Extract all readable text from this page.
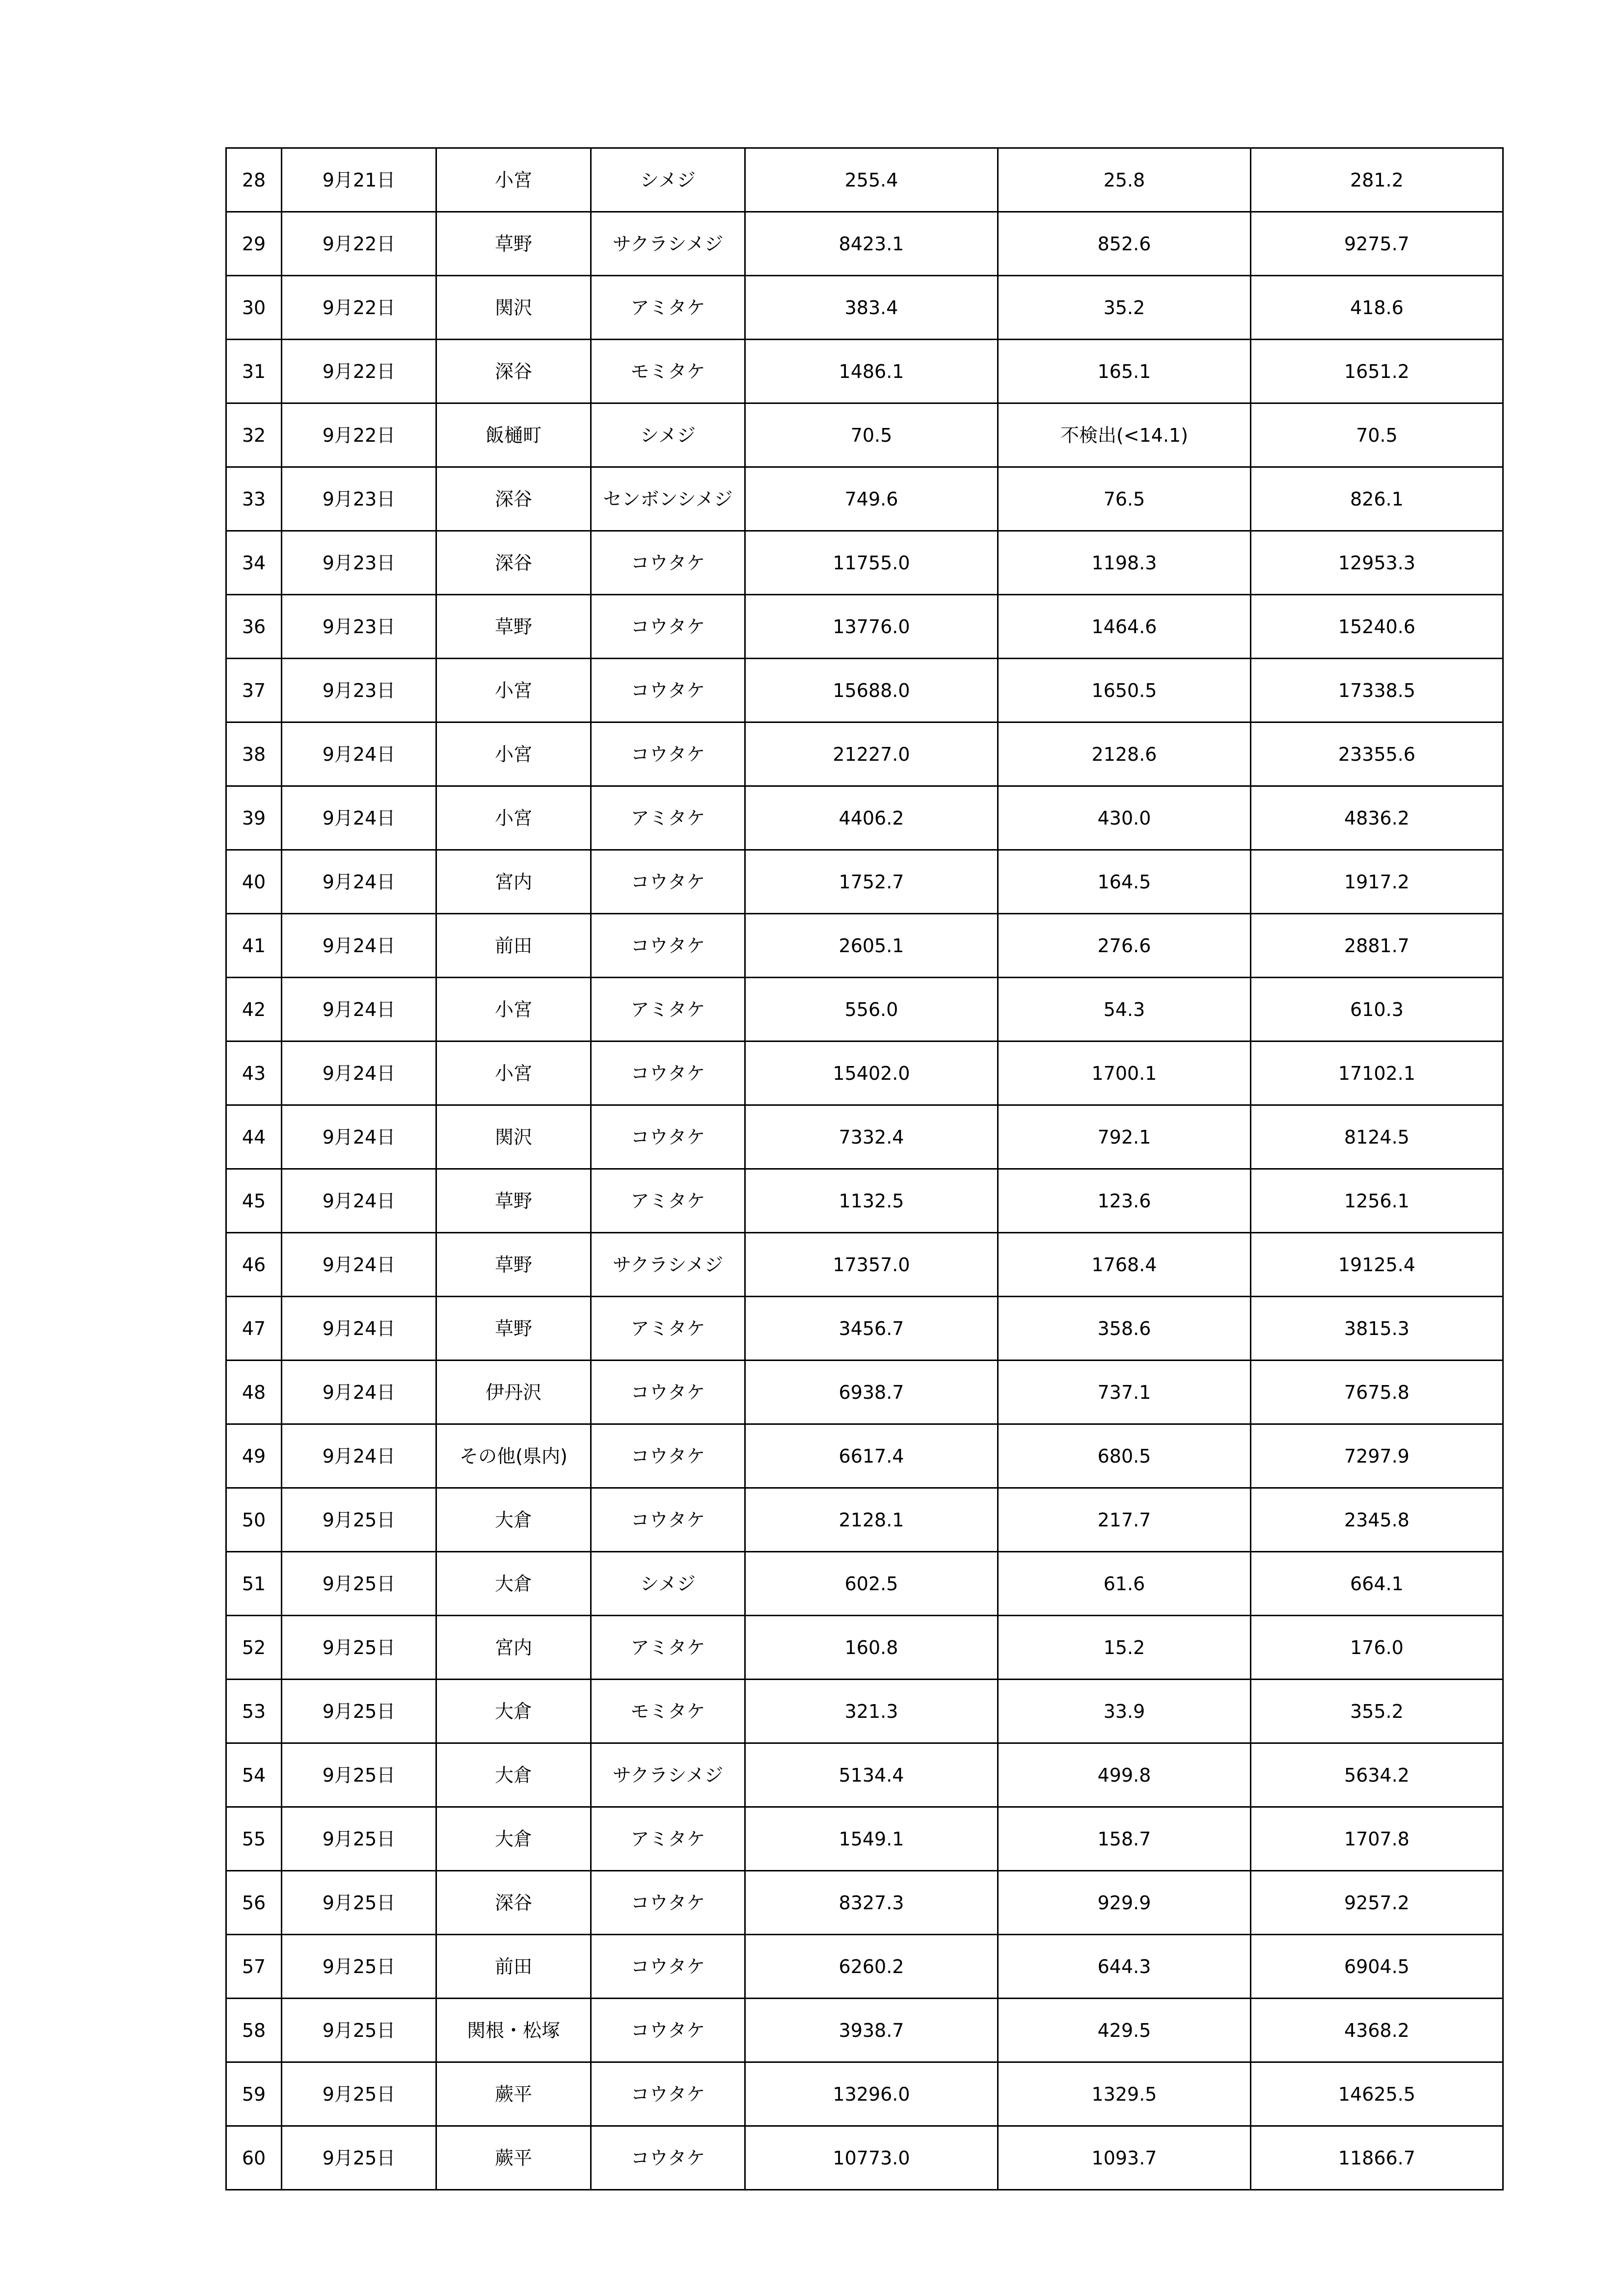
28	9月21日	小宮	シメジ	255.4	25.8	281.2
29	9月22日	草野	サクラシメジ	8423.1	852.6	9275.7
30	9月22日	関沢	アミタケ	383.4	35.2	418.6
31	9月22日	深谷	モミタケ	1486.1	165.1	1651.2
32	9月22日	飯樋町	シメジ	70.5	不検出(<14.1)	70.5
33	9月23日	深谷	センボンシメジ	749.6	76.5	826.1
34	9月23日	深谷	コウタケ	11755.0	1198.3	12953.3
36	9月23日	草野	コウタケ	13776.0	1464.6	15240.6
37	9月23日	小宮	コウタケ	15688.0	1650.5	17338.5
38	9月24日	小宮	コウタケ	21227.0	2128.6	23355.6
39	9月24日	小宮	アミタケ	4406.2	430.0	4836.2
40	9月24日	宮内	コウタケ	1752.7	164.5	1917.2
41	9月24日	前田	コウタケ	2605.1	276.6	2881.7
42	9月24日	小宮	アミタケ	556.0	54.3	610.3
43	9月24日	小宮	コウタケ	15402.0	1700.1	17102.1
44	9月24日	関沢	コウタケ	7332.4	792.1	8124.5
45	9月24日	草野	アミタケ	1132.5	123.6	1256.1
46	9月24日	草野	サクラシメジ	17357.0	1768.4	19125.4
47	9月24日	草野	アミタケ	3456.7	358.6	3815.3
48	9月24日	伊丹沢	コウタケ	6938.7	737.1	7675.8
49	9月24日	その他(県内)	コウタケ	6617.4	680.5	7297.9
50	9月25日	大倉	コウタケ	2128.1	217.7	2345.8
51	9月25日	大倉	シメジ	602.5	61.6	664.1
52	9月25日	宮内	アミタケ	160.8	15.2	176.0
53	9月25日	大倉	モミタケ	321.3	33.9	355.2
54	9月25日	大倉	サクラシメジ	5134.4	499.8	5634.2
55	9月25日	大倉	アミタケ	1549.1	158.7	1707.8
56	9月25日	深谷	コウタケ	8327.3	929.9	9257.2
57	9月25日	前田	コウタケ	6260.2	644.3	6904.5
58	9月25日	関根・松塚	コウタケ	3938.7	429.5	4368.2
59	9月25日	蕨平	コウタケ	13296.0	1329.5	14625.5
60	9月25日	蕨平	コウタケ	10773.0	1093.7	11866.7
